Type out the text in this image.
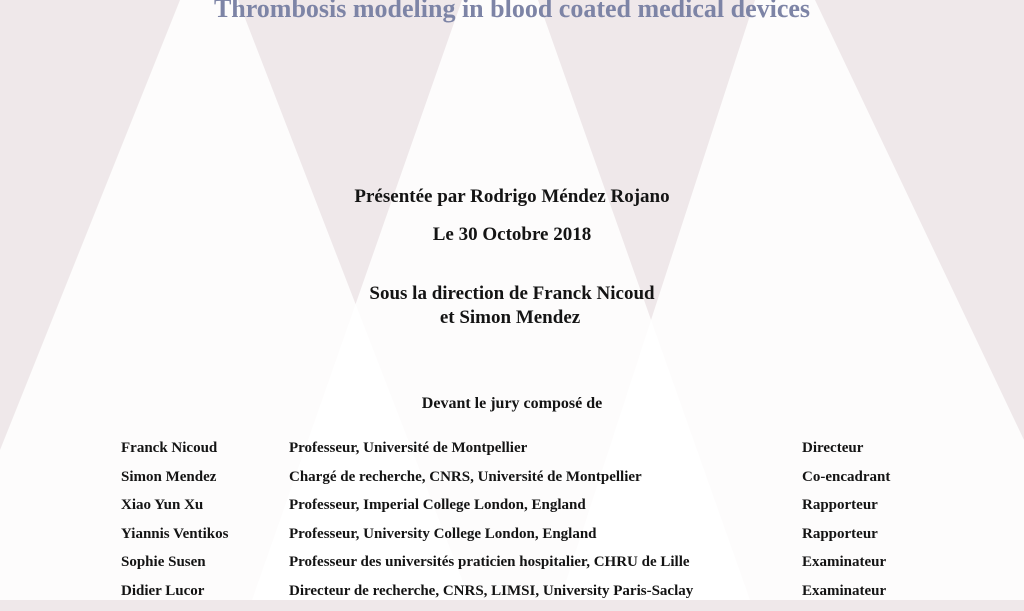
Thrombosis modeling in blood coated medical devices

Présentée par Rodrigo Méndez Rojano

Le 30 Octobre 2018

Sous la direction de Franck Nicoud

et Simon Mendez

Devant le jury composé de

Franck Nicoud	Professeur, Université de Montpellier	Directeur
Simon Mendez	Chargé de recherche, CNRS, Université de Montpellier	Co-encadrant
Xiao Yun Xu	Professeur, Imperial College London, England	Rapporteur
Yiannis Ventikos	Professeur, University College London, England	Rapporteur
Sophie Susen	Professeur des universités praticien hospitalier, CHRU de Lille	Examinateur
Didier Lucor	Directeur de recherche, CNRS, LIMSI, University Paris-Saclay	Examinateur
